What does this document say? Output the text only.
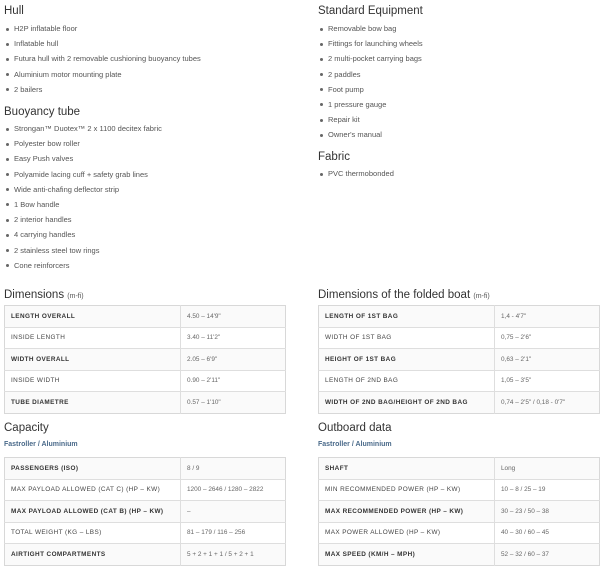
Hull
H2P inflatable floor
Inflatable hull
Futura hull with 2 removable cushioning buoyancy tubes
Aluminium motor mounting plate
2 bailers
Buoyancy tube
Strongan™ Duotex™ 2 x 1100 decitex fabric
Polyester bow roller
Easy Push valves
Polyamide lacing cuff + safety grab lines
Wide anti-chafing deflector strip
1 Bow handle
2 interior handles
4 carrying handles
2 stainless steel tow rings
Cone reinforcers
Standard Equipment
Removable bow bag
Fittings for launching wheels
2 multi-pocket carrying bags
2 paddles
Foot pump
1 pressure gauge
Repair kit
Owner's manual
Fabric
PVC thermobonded
Dimensions (m-fi)
LENGTH OVERALL	4.50 – 14'9"
INSIDE LENGTH	3.40 – 11'2"
WIDTH OVERALL	2.05 – 6'9"
INSIDE WIDTH	0.90 – 2'11"
TUBE DIAMETRE	0.57 – 1'10"
Dimensions of the folded boat (m-fi)
LENGTH OF 1ST BAG	1,4 - 4'7"
WIDTH OF 1ST BAG	0,75 – 2'6"
HEIGHT OF 1ST BAG	0,63 – 2'1"
LENGTH OF 2ND BAG	1,05 – 3'5"
WIDTH OF 2ND BAG/HEIGHT OF 2ND BAG	0,74 – 2'5" / 0,18 - 0'7"
Capacity
Fastroller / Aluminium
PASSENGERS (ISO)	8 / 9
MAX PAYLOAD ALLOWED (CAT C) (HP – KW)	1200 – 2646 / 1280 – 2822
MAX PAYLOAD ALLOWED (CAT B) (HP – KW)	–
TOTAL WEIGHT (KG – LBS)	81 – 179 / 116 – 256
AIRTIGHT COMPARTMENTS	5 + 2 + 1 + 1 / 5 + 2 + 1
Outboard data
Fastroller / Aluminium
SHAFT	Long
MIN RECOMMENDED POWER (HP – KW)	10 – 8 / 25 – 19
MAX RECOMMENDED POWER (HP – KW)	30 – 23 / 50 – 38
MAX POWER ALLOWED (HP – KW)	40 – 30 / 60 – 45
MAX SPEED (KM/H – MPH)	52 – 32 / 60 – 37
